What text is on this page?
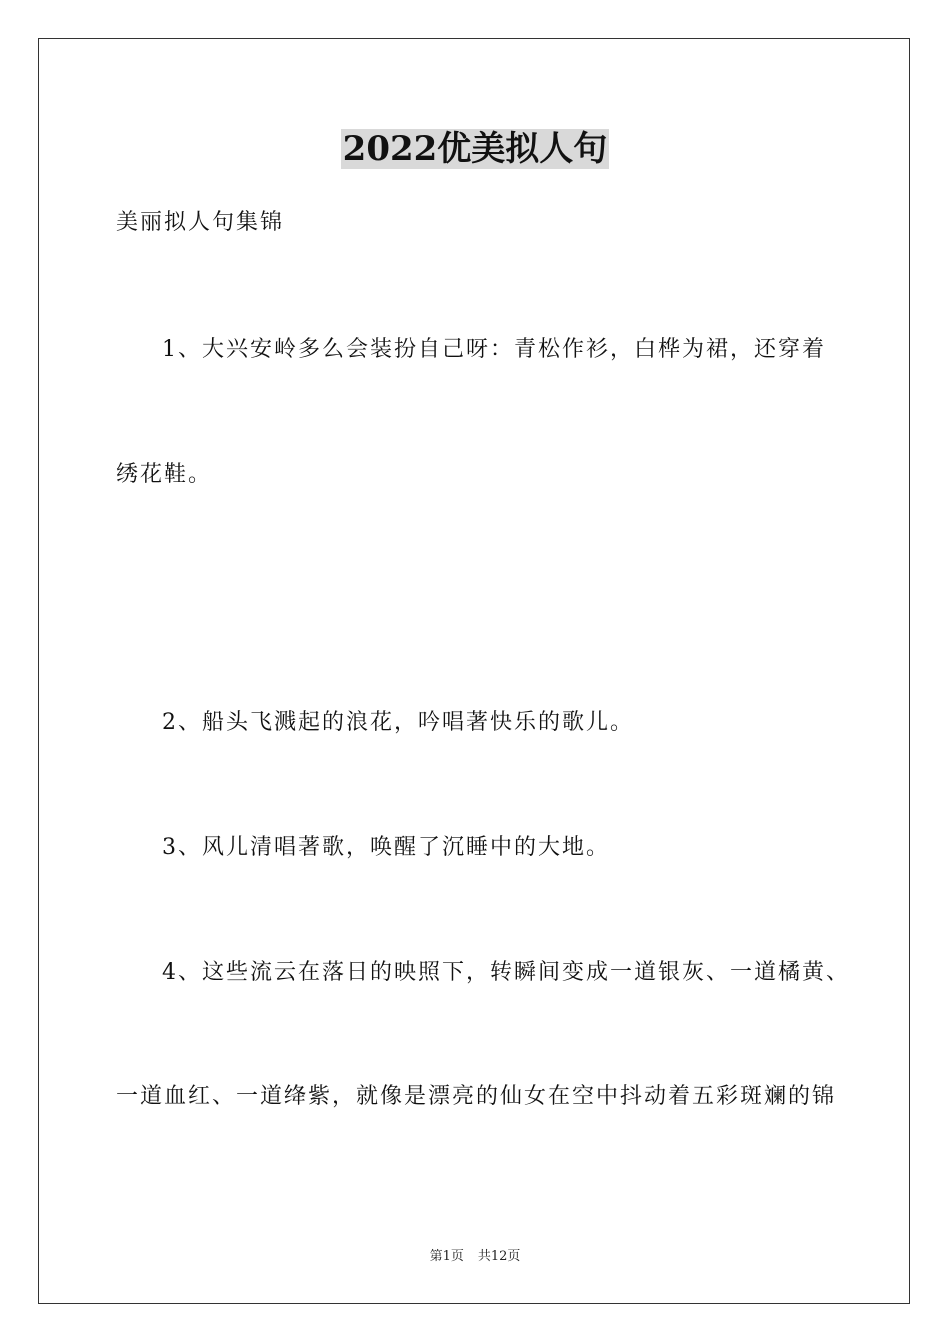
2022优美拟人句
美丽拟人句集锦
1、大兴安岭多么会装扮自己呀：青松作衫，白桦为裙，还穿着
绣花鞋。
2、船头飞溅起的浪花，吟唱著快乐的歌儿。
3、风儿清唱著歌，唤醒了沉睡中的大地。
4、这些流云在落日的映照下，转瞬间变成一道银灰、一道橘黄、
一道血红、一道绛紫，就像是漂亮的仙女在空中抖动着五彩斑斓的锦
第1页 共12页
